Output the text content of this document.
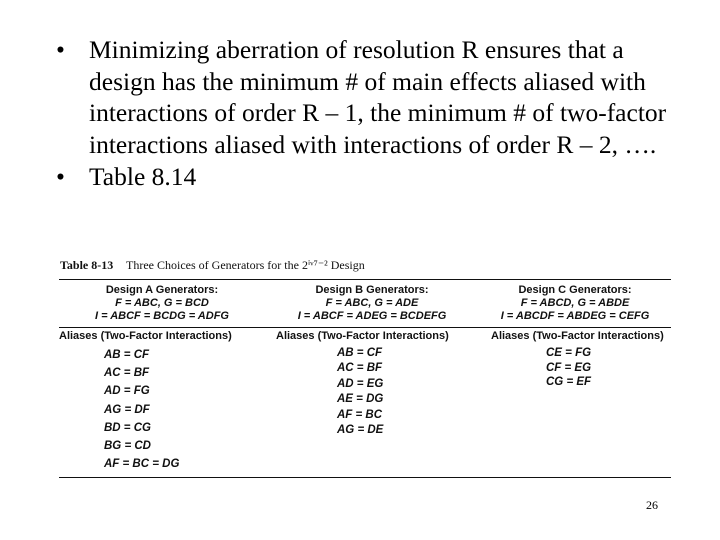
• Minimizing aberration of resolution R ensures that a design has the minimum # of main effects aliased with interactions of order R – 1, the minimum # of two-factor interactions aliased with interactions of order R – 2, ….
• Table 8.14
Table 8-13 Three Choices of Generators for the 2ⁱᵛ⁷⁻² Design
Design A Generators:
F = ABC, G = BCD
I = ABCF = BCDG = ADFG
Design B Generators:
F = ABC, G = ADE
I = ABCF = ADEG = BCDEFG
Design C Generators:
F = ABCD, G = ABDE
I = ABCDF = ABDEG = CEFG
Aliases (Two-Factor Interactions)
AB = CF
AC = BF
AD = FG
AG = DF
BD = CG
BG = CD
AF = BC = DG
Aliases (Two-Factor Interactions)
AB = CF
AC = BF
AD = EG
AE = DG
AF = BC
AG = DE
Aliases (Two-Factor Interactions)
CE = FG
CF = EG
CG = EF
26
